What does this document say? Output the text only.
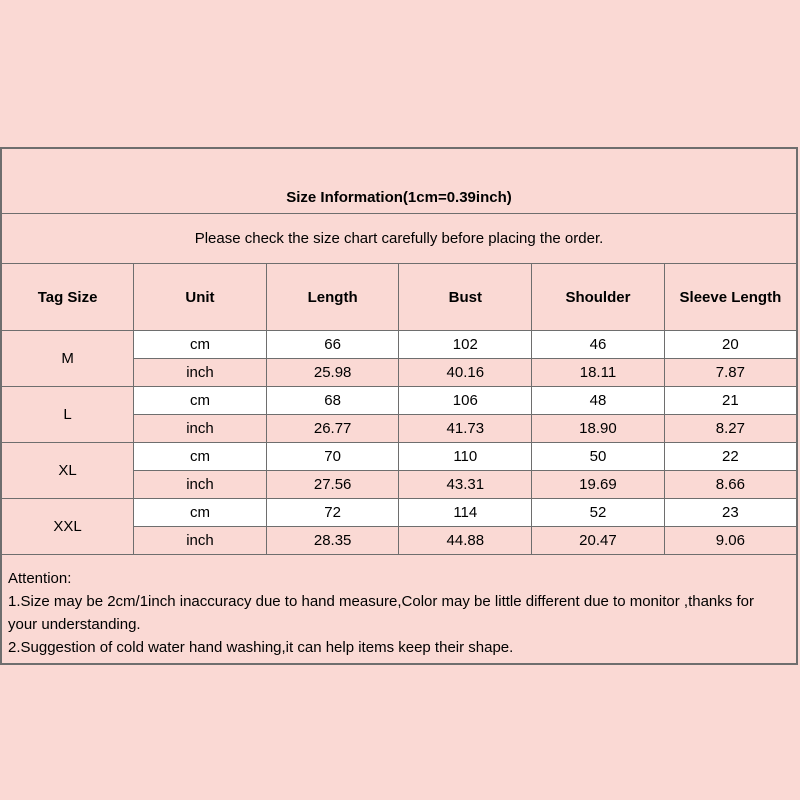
Size Information(1cm=0.39inch)					
Please check the size chart carefully before placing the order.					
Tag Size	Unit	Length	Bust	Shoulder	Sleeve Length
M	cm	66	102	46	20
	inch	25.98	40.16	18.11	7.87
L	cm	68	106	48	21
	inch	26.77	41.73	18.90	8.27
XL	cm	70	110	50	22
	inch	27.56	43.31	19.69	8.66
XXL	cm	72	114	52	23
	inch	28.35	44.88	20.47	9.06

Attention:
1.Size may be 2cm/1inch inaccuracy due to hand measure,Color may be little different due to monitor ,thanks for your understanding.
2.Suggestion of cold water hand washing,it can help items keep their shape.					
